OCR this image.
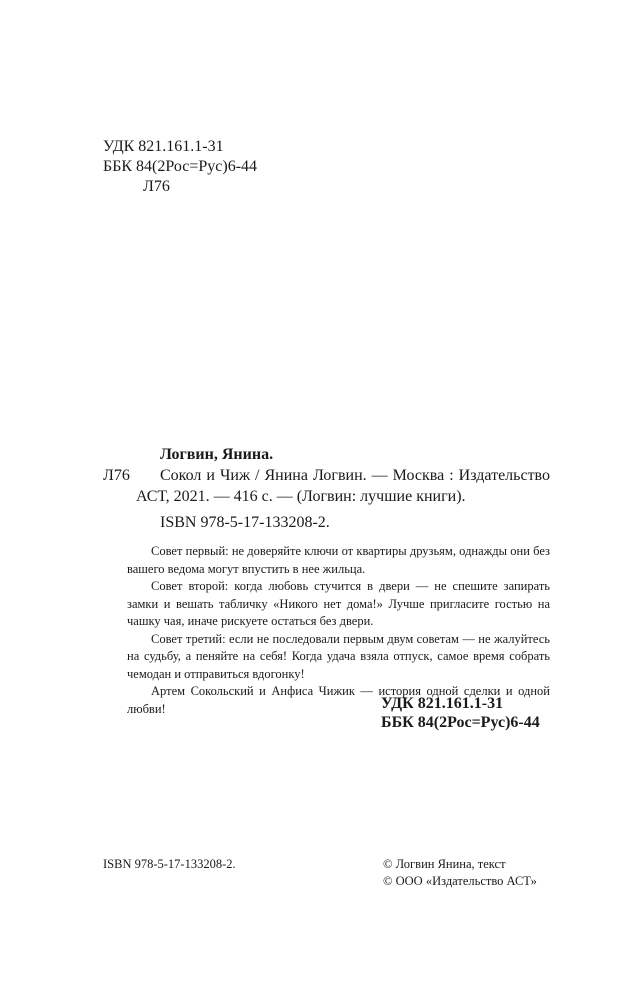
УДК 821.161.1-31
ББК 84(2Рос=Рус)6-44
Л76
Логвин, Янина.
Л76	Сокол и Чиж / Янина Логвин. — Москва : Издательство
АСТ, 2021. — 416 с. — (Логвин: лучшие книги).
ISBN 978-5-17-133208-2.

Совет первый: не доверяйте ключи от квартиры друзьям, однажды они без вашего ведома могут впустить в нее жильца.

Совет второй: когда любовь стучится в двери — не спешите запирать замки и вешать табличку «Никого нет дома!» Лучше пригласите гостью на чашку чая, иначе рискуете остаться без двери.

Совет третий: если не последовали первым двум советам — не жалуйтесь на судьбу, а пеняйте на себя! Когда удача взяла отпуск, самое время собрать чемодан и отправиться вдогонку!

Артем Сокольский и Анфиса Чижик — история одной сделки и одной любви!	УДК 821.161.1-31
ББК 84(2Рос=Рус)6-44
ISBN 978-5-17-133208-2.	© Логвин Янина, текст
© ООО «Издательство АСТ»
